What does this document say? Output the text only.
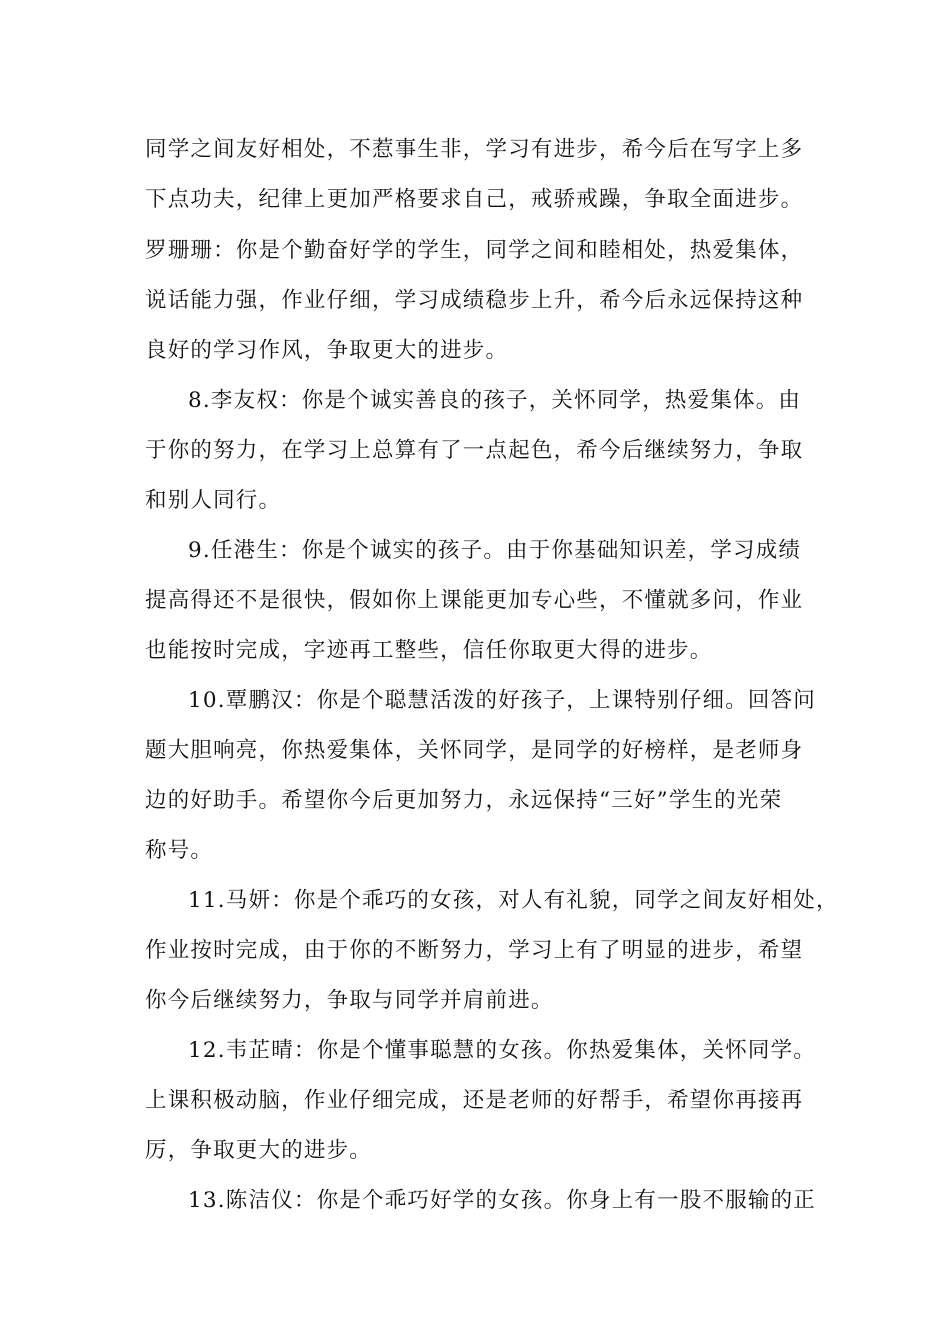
同学之间友好相处，不惹事生非，学习有进步，希今后在写字上多
下点功夫，纪律上更加严格要求自己，戒骄戒躁，争取全面进步。
罗珊珊：你是个勤奋好学的学生，同学之间和睦相处，热爱集体，
说话能力强，作业仔细，学习成绩稳步上升，希今后永远保持这种
良好的学习作风，争取更大的进步。
8.李友权：你是个诚实善良的孩子，关怀同学，热爱集体。由
于你的努力，在学习上总算有了一点起色，希今后继续努力，争取
和别人同行。
9.任港生：你是个诚实的孩子。由于你基础知识差，学习成绩
提高得还不是很快，假如你上课能更加专心些，不懂就多问，作业
也能按时完成，字迹再工整些，信任你取更大得的进步。
10.覃鹏汉：你是个聪慧活泼的好孩子，上课特别仔细。回答问
题大胆响亮，你热爱集体，关怀同学，是同学的好榜样，是老师身
边的好助手。希望你今后更加努力，永远保持“三好”学生的光荣
称号。
11.马妍：你是个乖巧的女孩，对人有礼貌，同学之间友好相处，
作业按时完成，由于你的不断努力，学习上有了明显的进步，希望
你今后继续努力，争取与同学并肩前进。
12.韦芷晴：你是个懂事聪慧的女孩。你热爱集体，关怀同学。
上课积极动脑，作业仔细完成，还是老师的好帮手，希望你再接再
厉，争取更大的进步。
13.陈洁仪：你是个乖巧好学的女孩。你身上有一股不服输的正
